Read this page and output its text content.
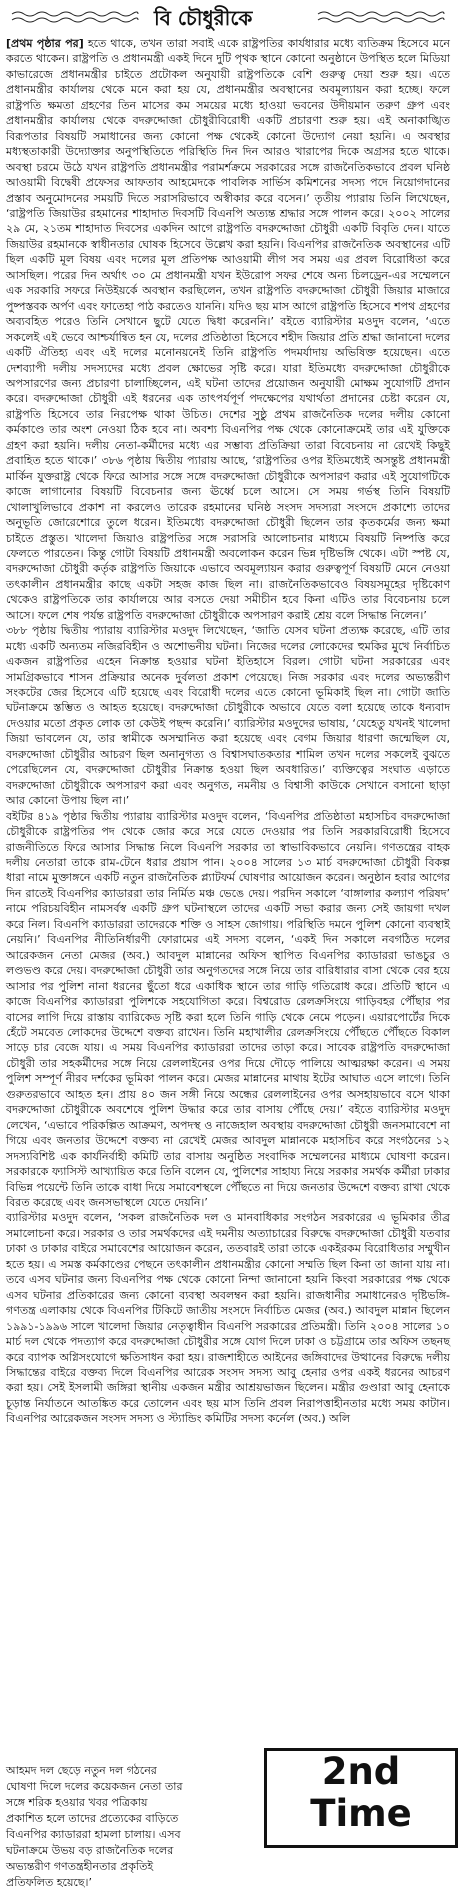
বি চৌধুরীকে

[প্রথম পৃষ্ঠার পর] হতে থাকে, তখন তারা সবাই একে রাষ্ট্রপতির কার্যধারার মধ্যে ব্যতিক্রম হিসেবে মনে করতে থাকেন। রাষ্ট্রপতি ও প্রধানমন্ত্রী একই দিনে দুটি পৃথক স্থানে কোনো অনুষ্ঠানে উপস্থিত হলে মিডিয়া কাভারেজে প্রধানমন্ত্রীর চাইতে প্রটোকল অনুযায়ী রাষ্ট্রপতিকে বেশি গুরুত্ব দেয়া শুরু হয়। এতে প্রধানমন্ত্রীর কার্যালয় থেকে মনে করা হয় যে, প্রধানমন্ত্রীর অবস্থানের অবমূল্যায়ন করা হচ্ছে। ফলে রাষ্ট্রপতি ক্ষমতা গ্রহণের তিন মাসের কম সময়ের মধ্যে হাওয়া ভবনের উদীয়মান তরুণ গ্রুপ এবং প্রধানমন্ত্রীর কার্যালয় থেকে বদরুদ্দোজা চৌধুরীবিরোধী একটি প্রচারণা শুরু হয়। এই অনাকাঙ্খিত বিরূপতার বিষয়টি সমাধানের জন্য কোনো পক্ষ থেকেই কোনো উদ্যোগ নেয়া হয়নি। এ অবস্থার মধ্যস্থতাকারী উদ্যোক্তার অনুপস্থিতিতে পরিস্থিতি দিন দিন আরও খারাপের দিকে অগ্রসর হতে থাকে। অবস্থা চরমে উঠে যখন রাষ্ট্রপতি প্রধানমন্ত্রীর পরামর্শক্রমে সরকারের সঙ্গে রাজনৈতিকভাবে প্রবল ঘনিষ্ঠ আওয়ামী বিদ্বেষী প্রফেসর আফতাব আহমেদকে পাবলিক সার্ভিস কমিশনের সদস্য পদে নিয়োগদানের প্রস্তাব অনুমোদনের সময়টি দিতে সরাসরিভাবে অস্বীকার করে বসেন।’ তৃতীয় প্যারায় তিনি লিখেছেন, ‘রাষ্ট্রপতি জিয়াউর রহমানের শাহাদাত দিবসটি বিএনপি অত্যন্ত শ্রদ্ধার সঙ্গে পালন করে। ২০০২ সালের ২৯ মে, ২১তম শাহাদাত দিবসের একদিন আগে রাষ্ট্রপতি বদরুদ্দোজা চৌধুরী একটি বিবৃতি দেন। যাতে জিয়াউর রহমানকে স্বাধীনতার ঘোষক হিসেবে উল্লেখ করা হয়নি। বিএনপির রাজনৈতিক অবস্থানের এটি ছিল একটি মূল বিষয় এবং দলের মূল প্রতিপক্ষ আওয়ামী লীগ সব সময় এর প্রবল বিরোধিতা করে আসছিল। পরের দিন অর্থাৎ ৩০ মে প্রধানমন্ত্রী যখন ইউরোপ সফর শেষে অন্য চিলড্রেন-এর সম্মেলনে এক সরকারি সফরে নিউইয়র্কে অবস্থান করছিলেন, তখন রাষ্ট্রপতি বদরুদ্দোজা চৌধুরী জিয়ার মাজারে পুষ্পস্তবক অর্পণ এবং ফাতেহা পাঠ করতেও যাননি। যদিও ছয় মাস আগে রাষ্ট্রপতি হিসেবে শপথ গ্রহণের অব্যবহিত পরেও তিনি সেখানে ছুটে যেতে দ্বিধা করেননি।’ বইতে ব্যারিস্টার মওদুদ বলেন, ‘এতে সকলেই এই ভেবে আশ্চর্যান্বিত হন যে, দলের প্রতিষ্ঠাতা হিসেবে শহীদ জিয়ার প্রতি শ্রদ্ধা জানানো দলের একটি ঐতিহ্য এবং এই দলের মনোনয়নেই তিনি রাষ্ট্রপতি পদমর্যাদায় অভিষিক্ত হয়েছেন। এতে দেশব্যাপী দলীয় সদস্যদের মধ্যে প্রবল ক্ষোভের সৃষ্টি করে। যারা ইতিমধ্যে বদরুদ্দোজা চৌধুরীকে অপসারণের জন্য প্রচারণা চালাচ্ছিলেন, এই ঘটনা তাদের প্রয়োজন অনুযায়ী মোক্ষম সুযোগটি প্রদান করে। বদরুদ্দোজা চৌধুরী এই ধরনের এক তাৎপর্যপূর্ণ পদক্ষেপের যথার্থতা প্রদানের চেষ্টা করেন যে, রাষ্ট্রপতি হিসেবে তার নিরপেক্ষ থাকা উচিত। দেশের সুষ্ঠু প্রথম রাজনৈতিক দলের দলীয় কোনো কর্মকাণ্ডে তার অংশ নেওয়া ঠিক হবে না। অবশ্য বিএনপির পক্ষ থেকে কোনোক্রমেই তার এই যুক্তিকে গ্রহণ করা হয়নি। দলীয় নেতা-কর্মীদের মধ্যে এর সম্ভাব্য প্রতিক্রিয়া তারা বিবেচনায় না রেখেই কিছুই প্রবাহিত হতে থাকে।’ ৩৮৬ পৃষ্ঠায় দ্বিতীয় প্যারায় আছে, ‘রাষ্ট্রপতির ওপর ইতিমধ্যেই অসন্তুষ্ট প্রধানমন্ত্রী মার্কিন যুক্তরাষ্ট্র থেকে ফিরে আসার সঙ্গে সঙ্গে বদরুদ্দোজা চৌধুরীকে অপসারণ করার এই সুযোগটিকে কাজে লাগানোর বিষয়টি বিবেচনার জন্য ঊর্ধ্বে চলে আসে। সে সময় গর্ভস্থ তিনি বিষয়টি খোলাখুলিভাবে প্রকাশ না করলেও তারেক রহমানের ঘনিষ্ঠ সংসদ সদস্যরা সংসদে প্রকাশ্যে তাদের অনুভূতি জোরেশোরে তুলে ধরেন। ইতিমধ্যে বদরুদ্দোজা চৌধুরী ছিলেন তার কৃতকর্মের জন্য ক্ষমা চাইতে প্রস্তুত। খালেদা জিয়াও রাষ্ট্রপতির সঙ্গে সরাসরি আলোচনার মাধ্যমে বিষয়টি নিষ্পত্তি করে ফেলতে পারতেন। কিন্তু গোটা বিষয়টি প্রধানমন্ত্রী অবলোকন করেন ভিন্ন দৃষ্টিভঙ্গি থেকে। এটা স্পষ্ট যে, বদরুদ্দোজা চৌধুরী কর্তৃক রাষ্ট্রপতি জিয়াকে এভাবে অবমূল্যায়ন করার গুরুত্বপূর্ণ বিষয়টি মেনে নেওয়া তৎকালীন প্রধানমন্ত্রীর কাছে একটা সহজ কাজ ছিল না। রাজনৈতিকভাবেও বিষয়সমূহের দৃষ্টিকোণ থেকেও রাষ্ট্রপতিকে তার কার্যালয়ে আর বসতে দেয়া সমীচীন হবে কিনা এটিও তার বিবেচনায় চলে আসে। ফলে শেষ পর্যন্ত রাষ্ট্রপতি বদরুদ্দোজা চৌধুরীকে অপসারণ করাই শ্রেয় বলে সিদ্ধান্ত নিলেন।’

৩৮৮ পৃষ্ঠায় দ্বিতীয় প্যারায় ব্যারিস্টার মওদুদ লিখেছেন, ‘জাতি যেসব ঘটনা প্রত্যক্ষ করেছে, এটি তার মধ্যে একটি অন্যতম নজিরবিহীন ও অশোভনীয় ঘটনা। নিজের দলের লোকেদের হুমকির মুখে নির্বাচিত একজন রাষ্ট্রপতির এহেন নিক্রান্ত হওয়ার ঘটনা ইতিহাসে বিরল। গোটা ঘটনা সরকারের এবং সামগ্রিকভাবে শাসন প্রক্রিয়ার অনেক দুর্বলতা প্রকাশ পেয়েছে। নিজ সরকার এবং দলের অভ্যন্তরীণ সংকটের জের হিসেবে এটি হয়েছে এবং বিরোধী দলের এতে কোনো ভূমিকাই ছিল না। গোটা জাতি ঘটনাক্রমে স্তম্ভিত ও আহত হয়েছে। বদরুদ্দোজা চৌধুরীকে অভাবে যেতে বলা হয়েছে তাকে ধন্যবাদ দেওয়ার মতো প্রকৃত লোক তা কেউই পছন্দ করেনি।’ ব্যারিস্টার মওদুদের ভাষায়, ‘যেহেতু যখনই খালেদা জিয়া ভাবলেন যে, তার স্বামীকে অসম্মানিত করা হয়েছে এবং বেগম জিয়ার ধারণা জন্মেছিল যে, বদরুদ্দোজা চৌধুরীর আচরণ ছিল অনানুগত্য ও বিশ্বাসঘাতকতার শামিল তখন দলের সকলেই বুঝতে পেরেছিলেন যে, বদরুদ্দোজা চৌধুরীর নিক্রান্ত হওয়া ছিল অবধারিত।’ ব্যক্তিত্বের সংঘাত এড়াতে বদরুদ্দোজা চৌধুরীকে অপসারণ করা এবং অনুগত, নমনীয় ও বিশ্বাসী কাউকে সেখানে বসানো ছাড়া আর কোনো উপায় ছিল না।’

বইটির ৪১৯ পৃষ্ঠার দ্বিতীয় প্যারায় ব্যারিস্টার মওদুদ বলেন, ‘বিএনপির প্রতিষ্ঠাতা মহাসচিব বদরুদ্দোজা চৌধুরীকে রাষ্ট্রপতির পদ থেকে জোর করে সরে যেতে দেওয়ার পর তিনি সরকারবিরোধী হিসেবে রাজনীতিতে ফিরে আসার সিদ্ধান্ত নিলে বিএনপি সরকার তা স্বাভাবিকভাবে নেয়নি। গণতন্ত্রের বাহক দলীয় নেতারা তাকে রাম-টেনে ধরার প্রয়াস পান। ২০০৪ সালের ১৩ মার্চ বদরুদ্দোজা চৌধুরী বিকল্প ধারা নামে মুক্তাঙ্গনে একটি নতুন রাজনৈতিক প্ল্যাটফর্ম ঘোষণার আয়োজন করেন। অনুষ্ঠান হবার আগের দিন রাতেই বিএনপির ক্যাডাররা তার নির্মিত মঞ্চ ভেঙে দেয়। পরদিন সকালে ‘বাঙ্গালার কল্যাণ পরিষদ’ নামে পরিচয়বিহীন নামসর্বস্ব একটি গ্রুপ ঘটনাস্থলে তাদের একটি সভা করার জন্য সেই জায়গা দখল করে নিল। বিএনপি ক্যাডাররা তাদেরকে শক্তি ও সাহস জোগায়। পরিস্থিতি দমনে পুলিশ কোনো ব্যবস্থাই নেয়নি।’ বিএনপির নীতিনির্ধারণী ফোরামের এই সদস্য বলেন, ‘একই দিন সকালে নবগঠিত দলের আরেকজন নেতা মেজর (অব.) আবদুল মান্নানের অফিস স্থাপিত বিএনপির ক্যাডাররা ভাঙচুর ও লণ্ডভণ্ড করে দেয়। বদরুদ্দোজা চৌধুরী তার অনুগতদের সঙ্গে নিয়ে তার বারিধারার বাসা থেকে বের হয়ে আসার পর পুলিশ নানা ধরনের ছুঁতো ধরে একাধিক স্থানে তার গাড়ি গতিরোধ করে। প্রতিটি স্থানে এ কাজে বিএনপির ক্যাডাররা পুলিশকে সহযোগিতা করে। বিশ্বরোড রেলক্রসিংয়ে গাড়িবহর পৌঁছার পর বাসের লাগি দিয়ে রাস্তায় ব্যারিকেড সৃষ্টি করা হলে তিনি গাড়ি থেকে নেমে পড়েন। এয়ারপোর্টের দিকে হেঁটে সমবেত লোকদের উদ্দেশে বক্তব্য রাখেন। তিনি মহাখালীর রেলক্রসিংয়ে পৌঁছতে পৌঁছতে বিকাল সাড়ে চার বেজে যায়। এ সময় বিএনপির ক্যাডাররা তাদের তাড়া করে। সাবেক রাষ্ট্রপতি বদরুদ্দোজা চৌধুরী তার সহকর্মীদের সঙ্গে নিয়ে রেললাইনের ওপর দিয়ে দৌড়ে পালিয়ে আত্মরক্ষা করেন। এ সময় পুলিশ সম্পূর্ণ নীরব দর্শকের ভূমিকা পালন করে। মেজর মান্নানের মাথায় ইটের আঘাত এসে লাগে। তিনি গুরুতরভাবে আহত হন। প্রায় ৪০ জন সঙ্গী নিয়ে অন্ধের রেললাইনের ওপর অসহায়ভাবে বসে থাকা বদরুদ্দোজা চৌধুরীকে অবশেষে পুলিশ উদ্ধার করে তার বাসায় পৌঁছে দেয়।’ বইতে ব্যারিস্টার মওদুদ লেখেন, ‘এভাবে পরিকল্পিত আক্রমণ, অপদস্থ ও নাজেহাল অবস্থায় বদরুদ্দোজা চৌধুরী জনসমাবেশে না গিয়ে এবং জনতার উদ্দেশে বক্তব্য না রেখেই মেজর আবদুল মান্নানকে মহাসচিব করে সংগঠনের ১২ সদস্যবিশিষ্ট এক কার্যনির্বাহী কমিটি তার বাসায় অনুষ্ঠিত সংবাদিক সম্মেলনের মাধ্যমে ঘোষণা করেন। সরকারকে ফ্যাসিস্ট আখ্যায়িত করে তিনি বলেন যে, পুলিশের সাহায্য নিয়ে সরকার সমর্থক কর্মীরা ঢাকার বিভিন্ন পয়েন্টে তিনি তাকে বাধা দিয়ে সমাবেশস্থলে পৌঁছতে না দিয়ে জনতার উদ্দেশে বক্তব্য রাখা থেকে বিরত করেছে এবং জনসভাস্থলে যেতে দেয়নি।’

ব্যারিস্টার মওদুদ বলেন, ‘সকল রাজনৈতিক দল ও মানবাধিকার সংগঠন সরকারের এ ভূমিকার তীব্র সমালোচনা করে। সরকার ও তার সমর্থকদের এই দমনীয় অত্যাচারের বিরুদ্ধে বদরুদ্দোজা চৌধুরী যতবার ঢাকা ও ঢাকার বাইরে সমাবেশের আয়োজন করেন, ততবারই তারা তাকে একইরকম বিরোধিতার সম্মুখীন হতে হয়। এ সমস্ত কর্মকাণ্ডের পেছনে তৎকালীন প্রধানমন্ত্রীর কোনো সম্মতি ছিল কিনা তা জানা যায় না। তবে এসব ঘটনার জন্য বিএনপির পক্ষ থেকে কোনো নিন্দা জানানো হয়নি কিংবা সরকারের পক্ষ থেকে এসব ঘটনার প্রতিকারের জন্য কোনো ব্যবস্থা অবলম্বন করা হয়নি। রাজধানীর সমাধানেরও দৃষ্টিভঙ্গি-গণতন্ত্র এলাকায় থেকে বিএনপির টিকিটে জাতীয় সংসদে নির্বাচিত মেজর (অব.) আবদুল মান্নান ছিলেন ১৯৯১-১৯৯৬ সালে খালেদা জিয়ার নেতৃত্বাধীন বিএনপি সরকারের প্রতিমন্ত্রী। তিনি ২০০৪ সালের ১০ মার্চ দল থেকে পদত্যাগ করে বদরুদ্দোজা চৌধুরীর সঙ্গে যোগ দিলে ঢাকা ও চট্টগ্রামে তার অফিস তছনছ করে ব্যাপক অগ্নিসংযোগে ক্ষতিসাধন করা হয়। রাজশাহীতে আইনের জঙ্গিবাদের উত্থানের বিরুদ্ধে দলীয় সিদ্ধান্তের বাইরে বক্তব্য দিলে বিএনপির আরেক সংসদ সদস্য আবু হেনার ওপর একই ধরনের আচরণ করা হয়। সেই ইসলামী জঙ্গিরা স্থানীয় একজন মন্ত্রীর আশ্রয়ভাজন ছিলেন। মন্ত্রীর গুণ্ডারা আবু হেনাকে চূড়ান্ত নির্যাতনে আতঙ্কিত করে তোলেন এবং ছয় মাস তিনি প্রবল নিরাপত্তাহীনতার মধ্যে সময় কাটান। বিএনপির আরেকজন সংসদ সদস্য ও স্ট্যান্ডিং কমিটির সদস্য কর্নেল (অব.) অলি

আহমদ দল ছেড়ে নতুন দল গঠনের

ঘোষণা দিলে দলের কয়েকজন নেতা তার

সঙ্গে শরিক হওয়ার খবর পত্রিকায়

প্রকাশিত হলে তাদের প্রত্যেকের বাড়িতে

বিএনপির ক্যাডাররা হামলা চালায়। এসব

ঘটনাক্রমে উভয় বড় রাজনৈতিক দলের

অভ্যন্তরীণ গণতন্ত্রহীনতার প্রকৃতিই

প্রতিফলিত হয়েছে।’

2nd
Time
